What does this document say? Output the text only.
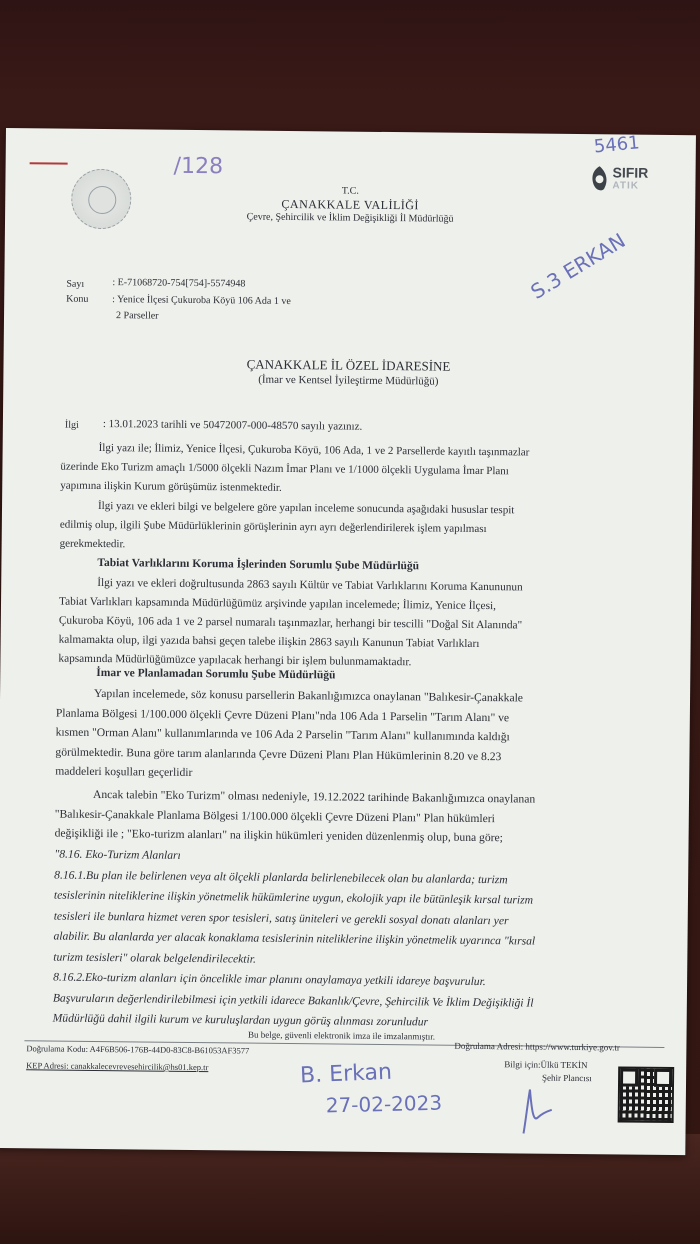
/128
5461
S.3 ERKAN
SIFIR
ATIK
T.C.
ÇANAKKALE VALİLİĞİ
Çevre, Şehircilik ve İklim Değişikliği İl Müdürlüğü
Sayı	: E-71068720-754[754]-5574948
Konu : Yenice İlçesi Çukuroba Köyü 106 Ada 1 ve
2 Parseller
ÇANAKKALE İL ÖZEL İDARESİNE
(İmar ve Kentsel İyileştirme Müdürlüğü)
İlgi : 13.01.2023 tarihli ve 50472007-000-48570 sayılı yazınız.
İlgi yazı ile; İlimiz, Yenice İlçesi, Çukuroba Köyü, 106 Ada, 1 ve 2 Parsellerde kayıtlı taşınmazlar
üzerinde Eko Turizm amaçlı 1/5000 ölçekli Nazım İmar Planı ve 1/1000 ölçekli Uygulama İmar Planı
yapımına ilişkin Kurum görüşümüz istenmektedir.
İlgi yazı ve ekleri bilgi ve belgelere göre yapılan inceleme sonucunda aşağıdaki hususlar tespit
edilmiş olup, ilgili Şube Müdürlüklerinin görüşlerinin ayrı ayrı değerlendirilerek işlem yapılması
gerekmektedir.
Tabiat Varlıklarını Koruma İşlerinden Sorumlu Şube Müdürlüğü
İlgi yazı ve ekleri doğrultusunda 2863 sayılı Kültür ve Tabiat Varlıklarını Koruma Kanununun
Tabiat Varlıkları kapsamında Müdürlüğümüz arşivinde yapılan incelemede; İlimiz, Yenice İlçesi,
Çukuroba Köyü, 106 ada 1 ve 2 parsel numaralı taşınmazlar, herhangi bir tescilli "Doğal Sit Alanında"
kalmamakta olup, ilgi yazıda bahsi geçen talebe ilişkin 2863 sayılı Kanunun Tabiat Varlıkları
kapsamında Müdürlüğümüzce yapılacak herhangi bir işlem bulunmamaktadır.
İmar ve Planlamadan Sorumlu Şube Müdürlüğü
Yapılan incelemede, söz konusu parsellerin Bakanlığımızca onaylanan "Balıkesir-Çanakkale
Planlama Bölgesi 1/100.000 ölçekli Çevre Düzeni Planı"nda 106 Ada 1 Parselin "Tarım Alanı" ve
kısmen "Orman Alanı" kullanımlarında ve 106 Ada 2 Parselin "Tarım Alanı" kullanımında kaldığı
görülmektedir. Buna göre tarım alanlarında Çevre Düzeni Planı Plan Hükümlerinin 8.20 ve 8.23
maddeleri koşulları geçerlidir
Ancak talebin "Eko Turizm" olması nedeniyle, 19.12.2022 tarihinde Bakanlığımızca onaylanan
"Balıkesir-Çanakkale Planlama Bölgesi 1/100.000 ölçekli Çevre Düzeni Planı" Plan hükümleri
değişikliği ile ; "Eko-turizm alanları" na ilişkin hükümleri yeniden düzenlenmiş olup, buna göre;
"8.16. Eko-Turizm Alanları
8.16.1.Bu plan ile belirlenen veya alt ölçekli planlarda belirlenebilecek olan bu alanlarda; turizm
tesislerinin niteliklerine ilişkin yönetmelik hükümlerine uygun, ekolojik yapı ile bütünleşik kırsal turizm
tesisleri ile bunlara hizmet veren spor tesisleri, satış üniteleri ve gerekli sosyal donatı alanları yer
alabilir. Bu alanlarda yer alacak konaklama tesislerinin niteliklerine ilişkin yönetmelik uyarınca "kırsal
turizm tesisleri" olarak belgelendirilecektir.
8.16.2.Eko-turizm alanları için öncelikle imar planını onaylamaya yetkili idareye başvurulur.
Başvuruların değerlendirilebilmesi için yetkili idarece Bakanlık/Çevre, Şehircilik Ve İklim Değişikliği İl
Müdürlüğü dahil ilgili kurum ve kuruluşlardan uygun görüş alınması zorunludur
Bu belge, güvenli elektronik imza ile imzalanmıştır.
Doğrulama Kodu: A4F6B506-176B-44D0-83C8-B61053AF3577	Doğrulama Adresi: https://www.turkiye.gov.tr
KEP Adresi: canakkalecevrevesehircilik@hs01.kep.tr	Bilgi için:Ülkü TEKİN
Şehir Plancısı
B. Erkan
27-02-2023
